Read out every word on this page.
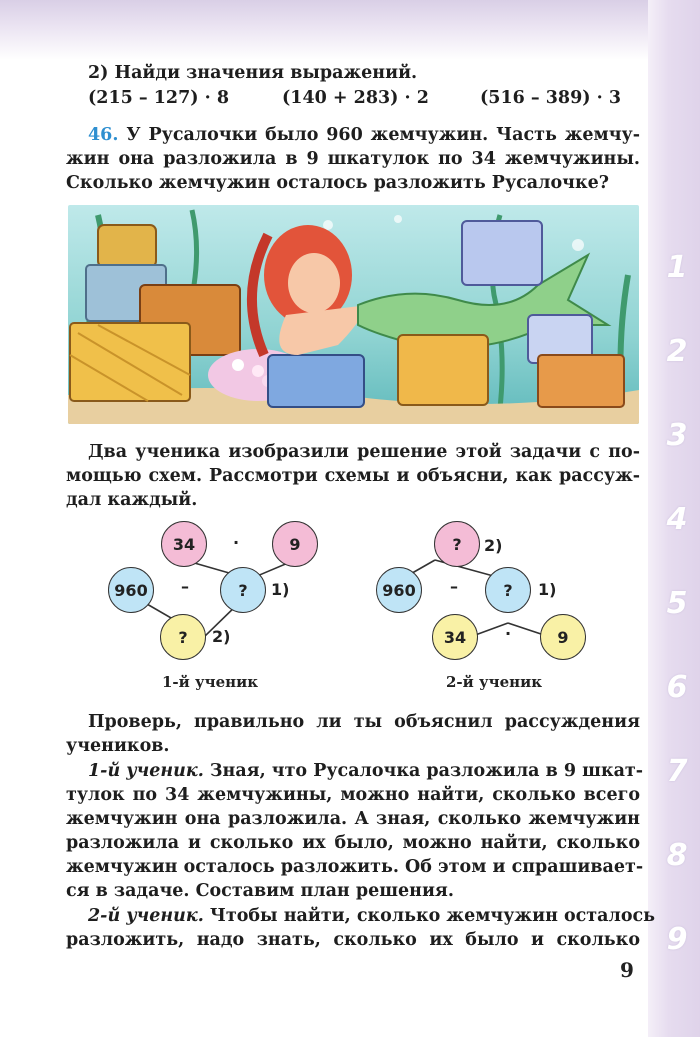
1
2
3
4
5
6
7
8
9
2) Найди значения выражений.
(215 – 127) · 8	(140 + 283) · 2	(516 – 389) · 3
46. У Русалочки было 960 жемчужин. Часть жемчу-
жин она разложила в 9 шкатулок по 34 жемчужины.
Сколько жемчужин осталось разложить Русалочке?
Два ученика изобразили решение этой задачи с по-
мощью схем. Рассмотри схемы и объясни, как рассуж-
дал каждый.
34	·	9
960	–	?	1)
?	2)
1-й ученик
?	2)
960	–	?	1)
34	·	9
2-й ученик
Проверь, правильно ли ты объяснил рассуждения
учеников.
1-й ученик. Зная, что Русалочка разложила в 9 шкат-
тулок по 34 жемчужины, можно найти, сколько всего
жемчужин она разложила. А зная, сколько жемчужин
разложила и сколько их было, можно найти, сколько
жемчужин осталось разложить. Об этом и спрашивает-
ся в задаче. Составим план решения.
2-й ученик. Чтобы найти, сколько жемчужин осталось
разложить, надо знать, сколько их было и сколько
9
